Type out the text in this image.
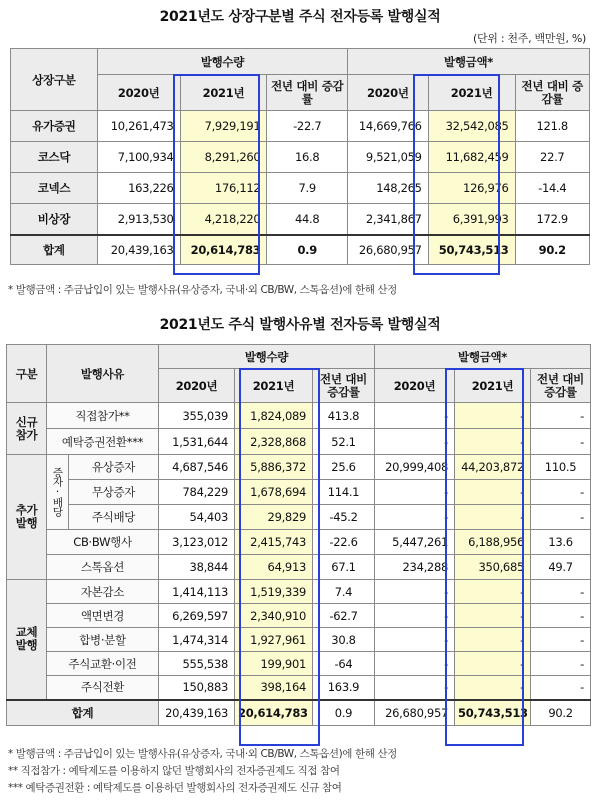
2021년도 상장구분별 주식 전자등록 발행실적
(단위 : 천주, 백만원, %)
상장구분	발행수량			발행금액*		
	2020년	2021년	전년 대비 증감률	2020년	2021년	전년 대비 증감률
유가증권	10,261,473	7,929,191	-22.7	14,669,766	32,542,085	121.8
코스닥	7,100,934	8,291,260	16.8	9,521,059	11,682,459	22.7
코넥스	163,226	176,112	7.9	148,265	126,976	-14.4
비상장	2,913,530	4,218,220	44.8	2,341,867	6,391,993	172.9
합계	20,439,163	20,614,783	0.9	26,680,957	50,743,513	90.2
* 발행금액 : 주금납입이 있는 발행사유(유상증자, 국내·외 CB/BW, 스톡옵션)에 한해 산정
2021년도 주식 발행사유별 전자등록 발행실적
구분	발행사유		발행수량			발행금액*		
			2020년	2021년	전년 대비 증감률	2020년	2021년	전년 대비 증감률
신규 참가	직접참가**		355,039	1,824,089	413.8	-	-	-
	예탁증권전환***		1,531,644	2,328,868	52.1	-	-	-
추가 발행	증자·배당	유상증자	4,687,546	5,886,372	25.6	20,999,408	44,203,872	110.5
		무상증자	784,229	1,678,694	114.1	-	-	-
		주식배당	54,403	29,829	-45.2	-	-	-
	CB·BW행사		3,123,012	2,415,743	-22.6	5,447,261	6,188,956	13.6
	스톡옵션		38,844	64,913	67.1	234,288	350,685	49.7
교체 발행	자본감소		1,414,113	1,519,339	7.4	-	-	-
	액면변경		6,269,597	2,340,910	-62.7	-	-	-
	합병·분할		1,474,314	1,927,961	30.8	-	-	-
	주식교환·이전		555,538	199,901	-64	-	-	-
	주식전환		150,883	398,164	163.9	-	-	-
합계			20,439,163	20,614,783	0.9	26,680,957	50,743,513	90.2
* 발행금액 : 주금납입이 있는 발행사유(유상증자, 국내·외 CB/BW, 스톡옵션)에 한해 산정
** 직접참가 : 예탁제도를 이용하지 않던 발행회사의 전자증권제도 직접 참여
*** 예탁증권전환 : 예탁제도를 이용하던 발행회사의 전자증권제도 신규 참여
